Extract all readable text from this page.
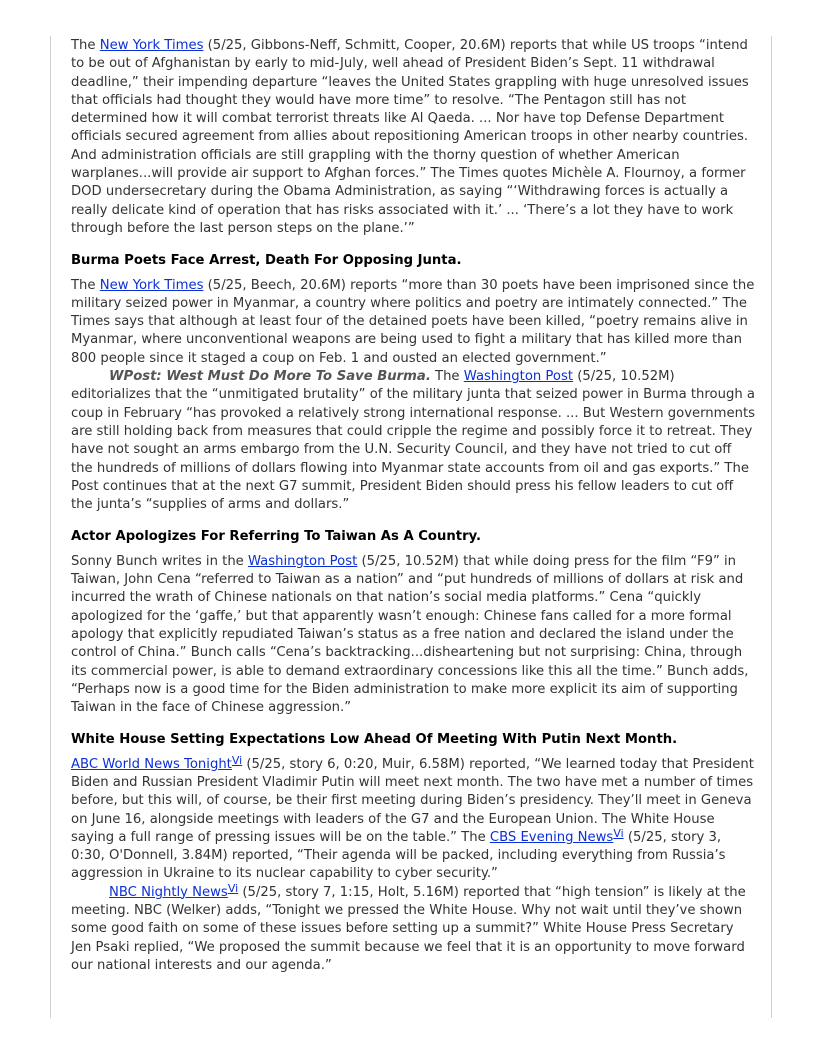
The New York Times (5/25, Gibbons-Neff, Schmitt, Cooper, 20.6M) reports that while US troops “intend to be out of Afghanistan by early to mid-July, well ahead of President Biden’s Sept. 11 withdrawal deadline,” their impending departure “leaves the United States grappling with huge unresolved issues that officials had thought they would have more time” to resolve. “The Pentagon still has not determined how it will combat terrorist threats like Al Qaeda. ... Nor have top Defense Department officials secured agreement from allies about repositioning American troops in other nearby countries. And administration officials are still grappling with the thorny question of whether American warplanes...will provide air support to Afghan forces.” The Times quotes Michèle A. Flournoy, a former DOD undersecretary during the Obama Administration, as saying “‘Withdrawing forces is actually a really delicate kind of operation that has risks associated with it.’ ... ‘There’s a lot they have to work through before the last person steps on the plane.’”

Burma Poets Face Arrest, Death For Opposing Junta.

The New York Times (5/25, Beech, 20.6M) reports “more than 30 poets have been imprisoned since the military seized power in Myanmar, a country where politics and poetry are intimately connected.” The Times says that although at least four of the detained poets have been killed, “poetry remains alive in Myanmar, where unconventional weapons are being used to fight a military that has killed more than 800 people since it staged a coup on Feb. 1 and ousted an elected government.”

WPost: West Must Do More To Save Burma. The Washington Post (5/25, 10.52M) editorializes that the “unmitigated brutality” of the military junta that seized power in Burma through a coup in February “has provoked a relatively strong international response. ... But Western governments are still holding back from measures that could cripple the regime and possibly force it to retreat. They have not sought an arms embargo from the U.N. Security Council, and they have not tried to cut off the hundreds of millions of dollars flowing into Myanmar state accounts from oil and gas exports.” The Post continues that at the next G7 summit, President Biden should press his fellow leaders to cut off the junta’s “supplies of arms and dollars.”

Actor Apologizes For Referring To Taiwan As A Country.

Sonny Bunch writes in the Washington Post (5/25, 10.52M) that while doing press for the film “F9” in Taiwan, John Cena “referred to Taiwan as a nation” and “put hundreds of millions of dollars at risk and incurred the wrath of Chinese nationals on that nation’s social media platforms.” Cena “quickly apologized for the ‘gaffe,’ but that apparently wasn’t enough: Chinese fans called for a more formal apology that explicitly repudiated Taiwan’s status as a free nation and declared the island under the control of China.” Bunch calls “Cena’s backtracking...disheartening but not surprising: China, through its commercial power, is able to demand extraordinary concessions like this all the time.” Bunch adds, “Perhaps now is a good time for the Biden administration to make more explicit its aim of supporting Taiwan in the face of Chinese aggression.”

White House Setting Expectations Low Ahead Of Meeting With Putin Next Month.

ABC World News Tonight$^{Vi}$ (5/25, story 6, 0:20, Muir, 6.58M) reported, “We learned today that President Biden and Russian President Vladimir Putin will meet next month. The two have met a number of times before, but this will, of course, be their first meeting during Biden’s presidency. They’ll meet in Geneva on June 16, alongside meetings with leaders of the G7 and the European Union. The White House saying a full range of pressing issues will be on the table.” The CBS Evening News$^{Vi}$ (5/25, story 3, 0:30, O'Donnell, 3.84M) reported, “Their agenda will be packed, including everything from Russia’s aggression in Ukraine to its nuclear capability to cyber security.”

NBC Nightly News$^{Vi}$ (5/25, story 7, 1:15, Holt, 5.16M) reported that “high tension” is likely at the meeting. NBC (Welker) adds, “Tonight we pressed the White House. Why not wait until they’ve shown some good faith on some of these issues before setting up a summit?” White House Press Secretary Jen Psaki replied, “We proposed the summit because we feel that it is an opportunity to move forward our national interests and our agenda.”
